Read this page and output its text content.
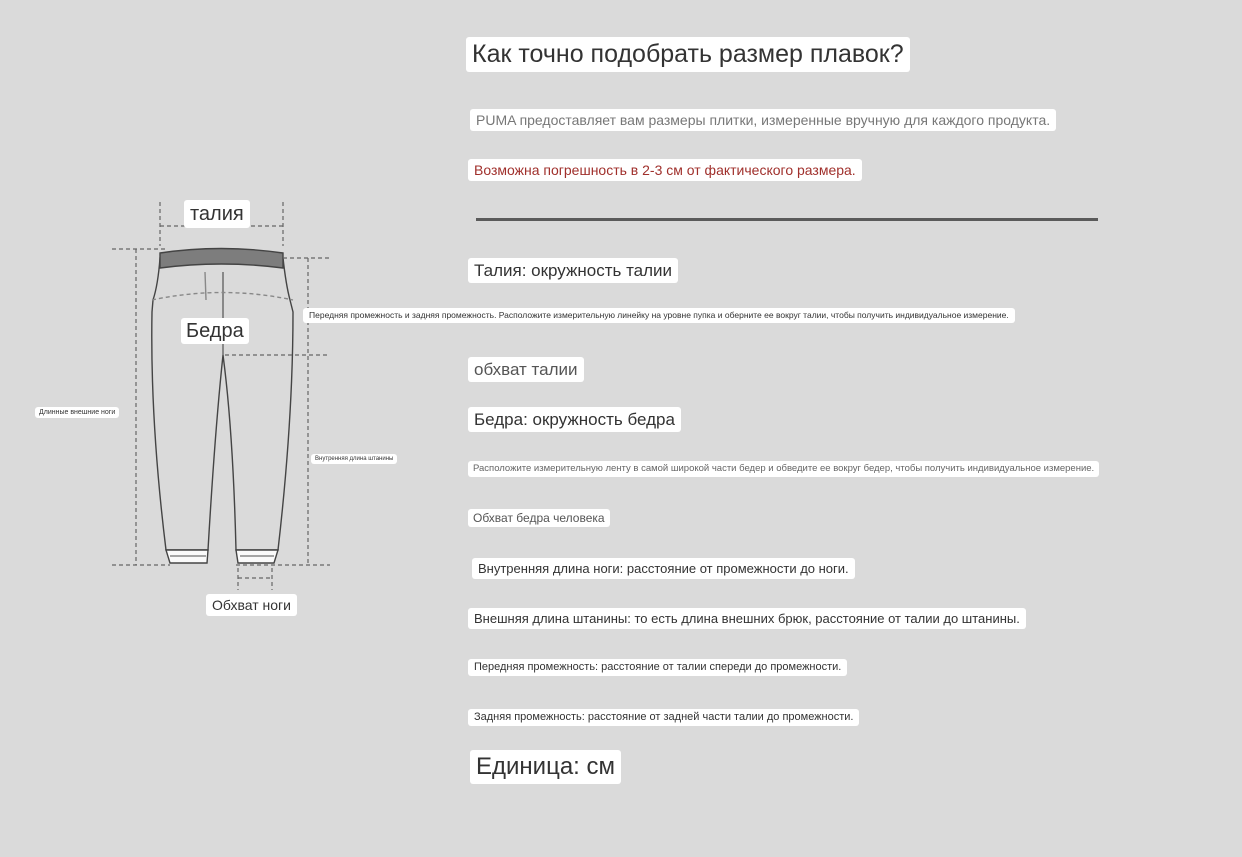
талия
Бедра
Длинные внешние ноги
Внутренняя длина штанины
Обхват ноги
Передняя промежность и задняя промежность. Расположите измерительную линейку на уровне пупка и оберните ее вокруг талии, чтобы получить индивидуальное измерение.
Как точно подобрать размер плавок?
PUMA предоставляет вам размеры плитки, измеренные вручную для каждого продукта.
Возможна погрешность в 2-3 см от фактического размера.
Талия: окружность талии
обхват талии
Бедра: окружность бедра
Расположите измерительную ленту в самой широкой части бедер и обведите ее вокруг бедер, чтобы получить индивидуальное измерение.
Обхват бедра человека
Внутренняя длина ноги: расстояние от промежности до ноги.
Внешняя длина штанины: то есть длина внешних брюк, расстояние от талии до штанины.
Передняя промежность: расстояние от талии спереди до промежности.
Задняя промежность: расстояние от задней части талии до промежности.
Единица: см
